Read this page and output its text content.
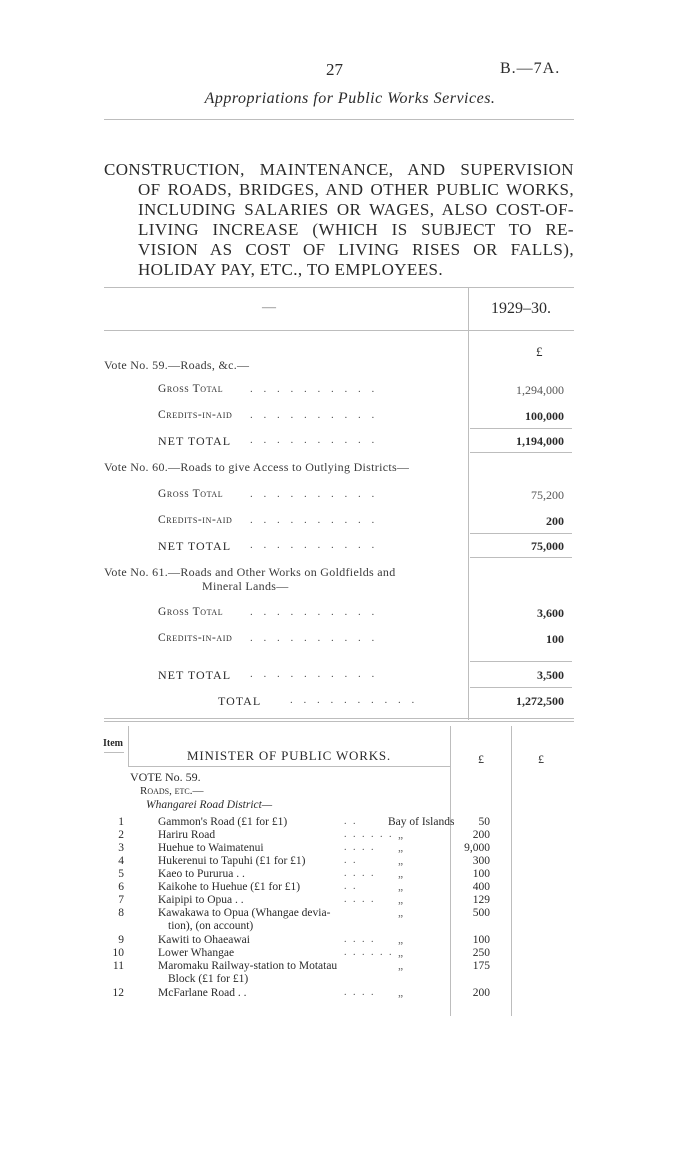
27	B.—7A.
Appropriations for Public Works Services.
CONSTRUCTION, MAINTENANCE, AND SUPERVISION
OF ROADS, BRIDGES, AND OTHER PUBLIC WORKS,
INCLUDING SALARIES OR WAGES, ALSO COST-OF-
LIVING INCREASE (WHICH IS SUBJECT TO RE-
VISION AS COST OF LIVING RISES OR FALLS),
HOLIDAY PAY, ETC., TO EMPLOYEES.
—	1929–30.
£
Vote No. 59.—Roads, &c.—
Gross Total . . . . . . . . . .	1,294,000
Credits-in-aid . . . . . . . . . .	100,000
NET TOTAL . . . . . . . . . .	1,194,000
Vote No. 60.—Roads to give Access to Outlying Districts—
Gross Total . . . . . . . . . .	75,200
Credits-in-aid . . . . . . . . . .	200
NET TOTAL . . . . . . . . . .	75,000
Vote No. 61.—Roads and Other Works on Goldfields and
Mineral Lands—
Gross Total . . . . . . . . . .	3,600
Credits-in-aid . . . . . . . . . .	100
NET TOTAL . . . . . . . . . .	3,500
TOTAL	. . . . . . . . . .	1,272,500
Item
MINISTER OF PUBLIC WORKS.	£	£
VOTE No. 59.
Roads, etc.—
Whangarei Road District—
1	Gammon's Road (£1 for £1)	. .	Bay of Islands 50
2	Hariru Road	. . . . . . „	200
3	Huehue to Waimatenui	. . . . „	9,000
4	Hukerenui to Tapuhi (£1 for £1)	. .	„	300
5	Kaeo to Pururua . .	. . . . „	100
6	Kaikohe to Huehue (£1 for £1)	. .	„	400
7	Kaipipi to Opua . .	. . . . „	129
8	Kawakawa to Opua (Whangae devia-	„	500
tion), (on account)
9	Kawiti to Ohaeawai	. . . . „	100
10	Lower Whangae	. . . . . . „	250
11	Maromaku Railway-station to Motatau	„	175
Block (£1 for £1)
12	McFarlane Road . .	. . . . „	200
